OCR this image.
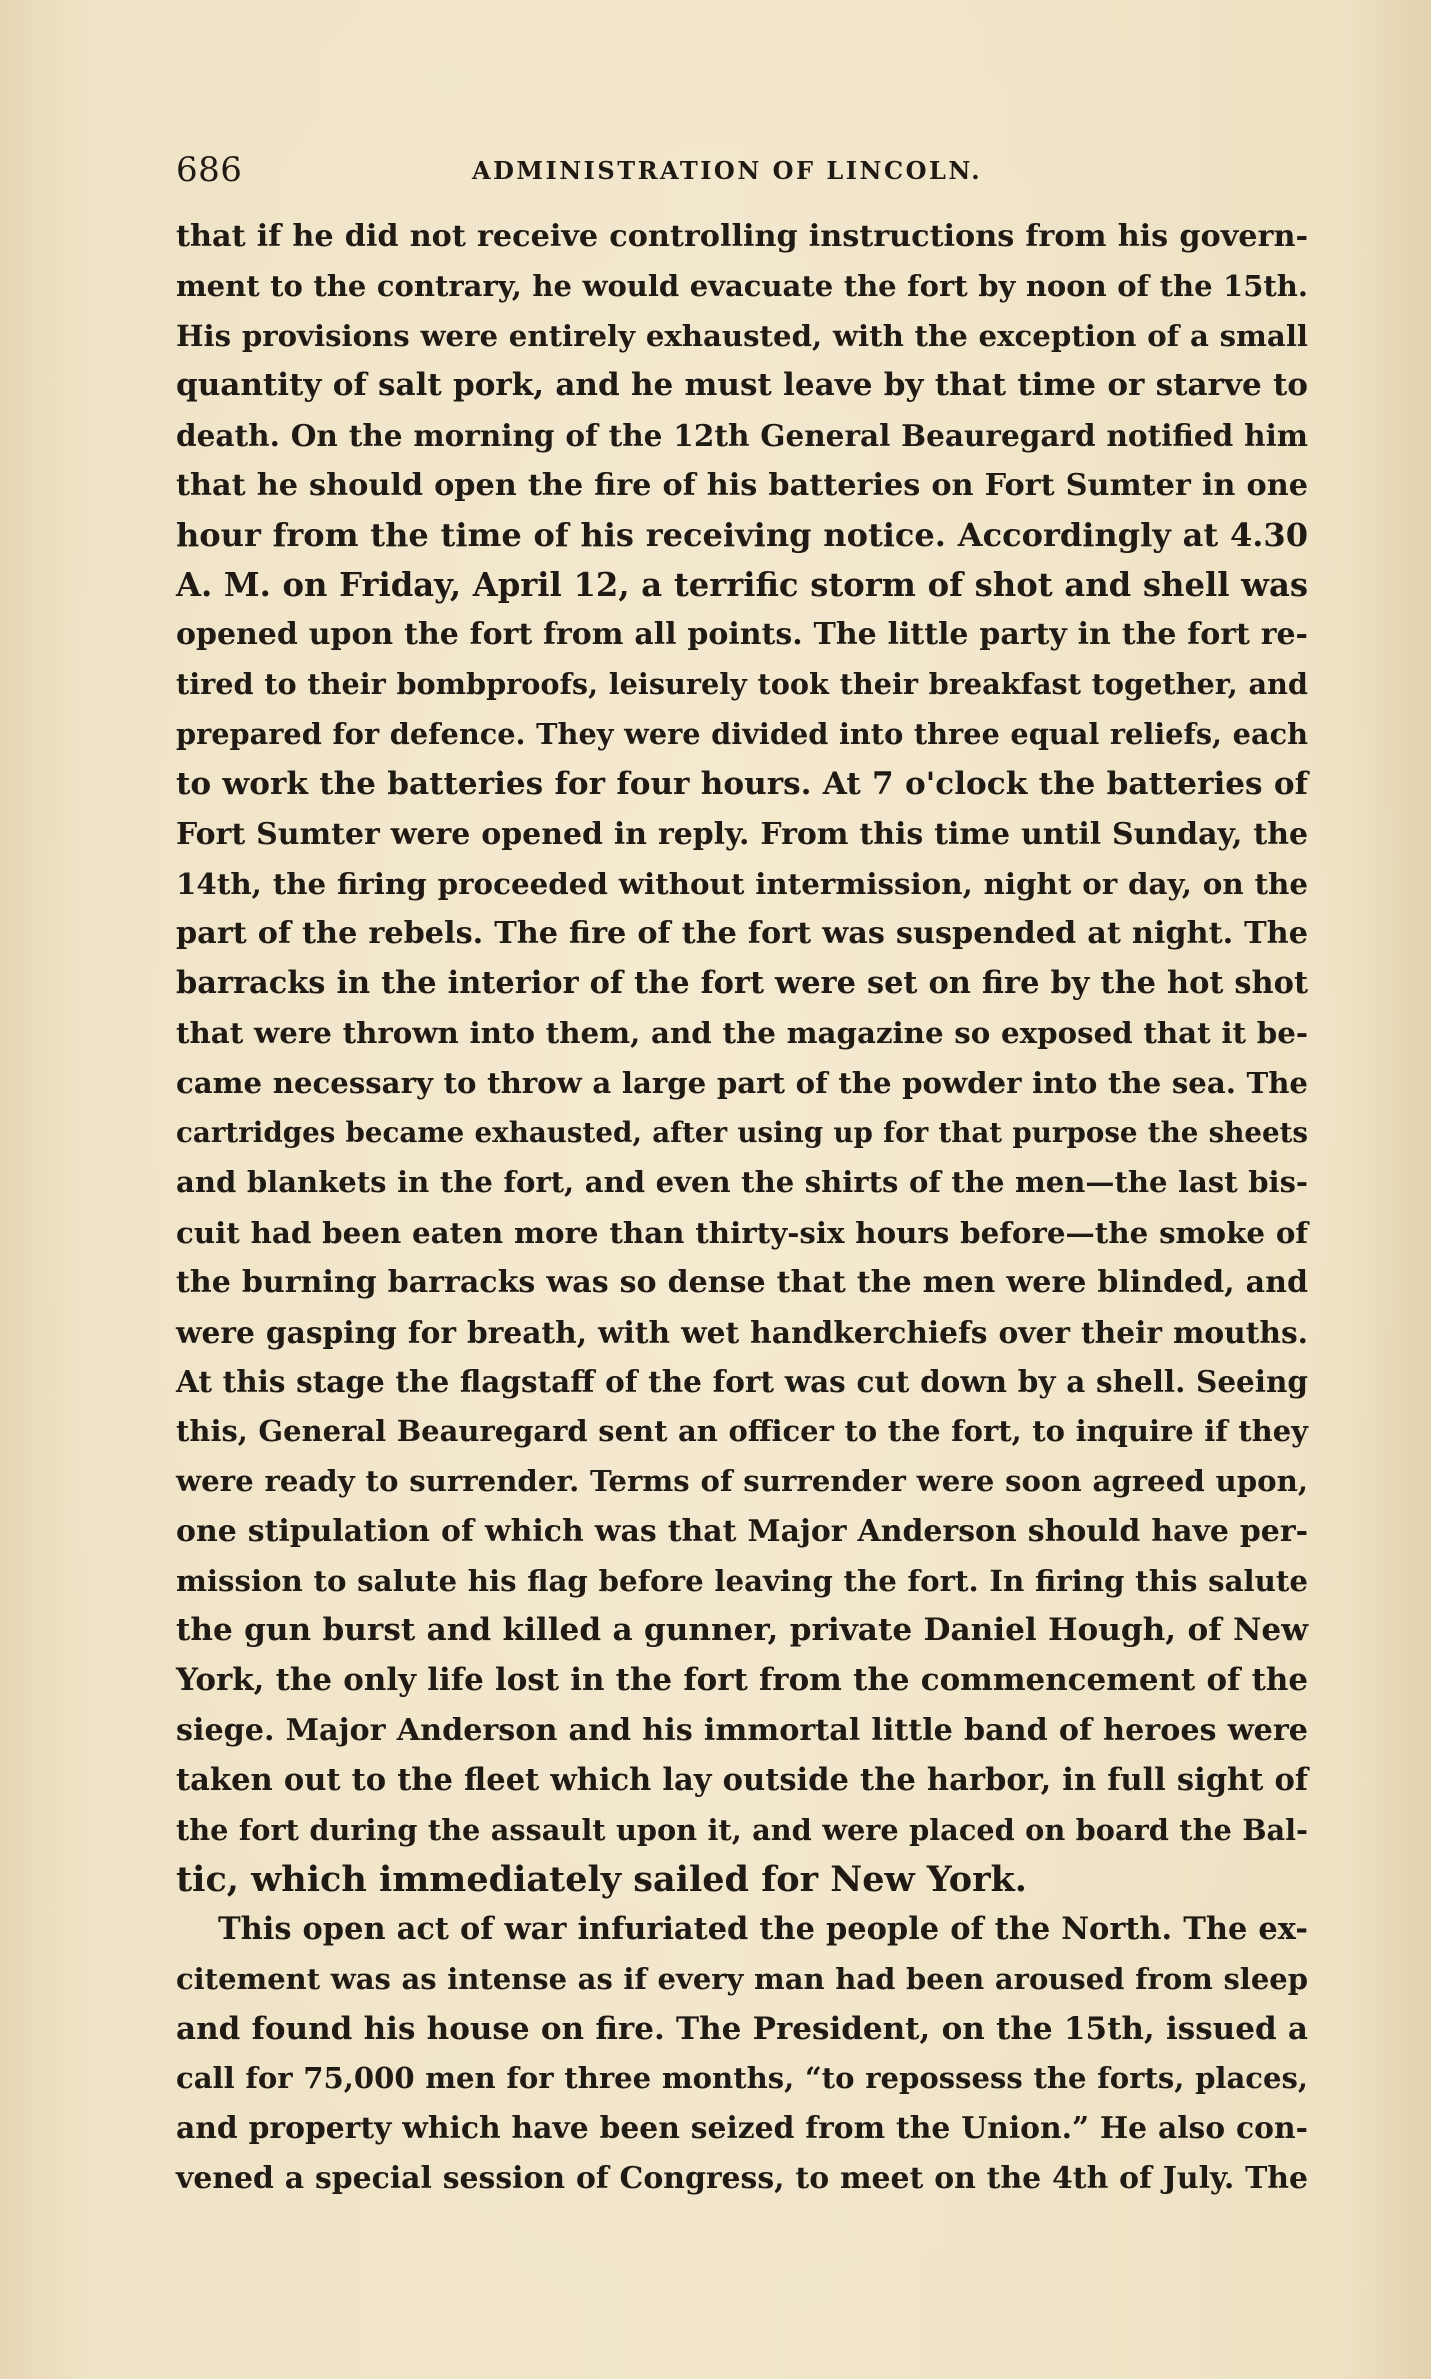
686	ADMINISTRATION OF LINCOLN.
that if he did not receive controlling instructions from his govern-
ment to the contrary, he would evacuate the fort by noon of the 15th.
His provisions were entirely exhausted, with the exception of a small
quantity of salt pork, and he must leave by that time or starve to
death. On the morning of the 12th General Beauregard notified him
that he should open the fire of his batteries on Fort Sumter in one
hour from the time of his receiving notice. Accordingly at 4.30
A. M. on Friday, April 12, a terrific storm of shot and shell was
opened upon the fort from all points. The little party in the fort re-
tired to their bombproofs, leisurely took their breakfast together, and
prepared for defence. They were divided into three equal reliefs, each
to work the batteries for four hours. At 7 o'clock the batteries of
Fort Sumter were opened in reply. From this time until Sunday, the
14th, the firing proceeded without intermission, night or day, on the
part of the rebels. The fire of the fort was suspended at night. The
barracks in the interior of the fort were set on fire by the hot shot
that were thrown into them, and the magazine so exposed that it be-
came necessary to throw a large part of the powder into the sea. The
cartridges became exhausted, after using up for that purpose the sheets
and blankets in the fort, and even the shirts of the men—the last bis-
cuit had been eaten more than thirty-six hours before—the smoke of
the burning barracks was so dense that the men were blinded, and
were gasping for breath, with wet handkerchiefs over their mouths.
At this stage the flagstaff of the fort was cut down by a shell. Seeing
this, General Beauregard sent an officer to the fort, to inquire if they
were ready to surrender. Terms of surrender were soon agreed upon,
one stipulation of which was that Major Anderson should have per-
mission to salute his flag before leaving the fort. In firing this salute
the gun burst and killed a gunner, private Daniel Hough, of New
York, the only life lost in the fort from the commencement of the
siege. Major Anderson and his immortal little band of heroes were
taken out to the fleet which lay outside the harbor, in full sight of
the fort during the assault upon it, and were placed on board the Bal-
tic, which immediately sailed for New York.
This open act of war infuriated the people of the North. The ex-
citement was as intense as if every man had been aroused from sleep
and found his house on fire. The President, on the 15th, issued a
call for 75,000 men for three months, “to repossess the forts, places,
and property which have been seized from the Union.” He also con-
vened a special session of Congress, to meet on the 4th of July. The
